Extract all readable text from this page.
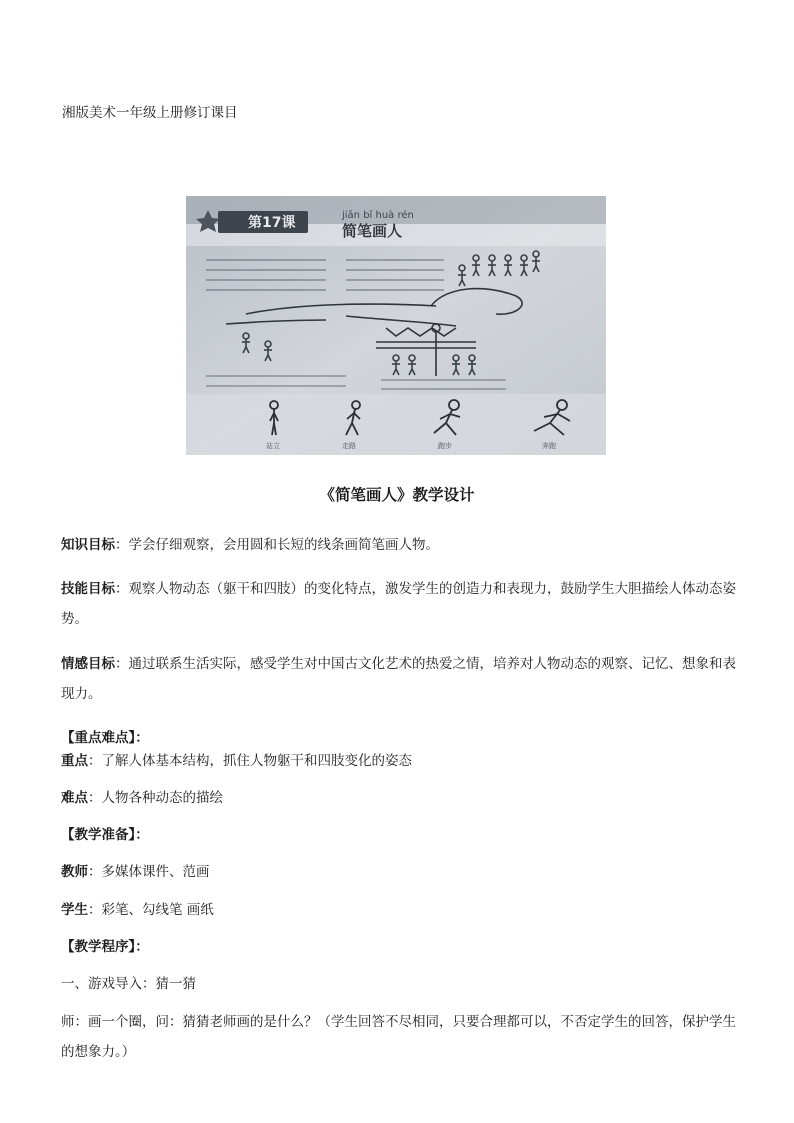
湘版美术一年级上册修订课目
第17课	jiǎn bǐ huà rén
简笔画人
站立	走路	跑步	奔跑
《简笔画人》教学设计
知识目标：学会仔细观察，会用圆和长短的线条画简笔画人物。
技能目标：观察人物动态（躯干和四肢）的变化特点，激发学生的创造力和表现力，鼓励学生大胆描绘人体动态姿势。
情感目标：通过联系生活实际，感受学生对中国古文化艺术的热爱之情，培养对人物动态的观察、记忆、想象和表现力。
【重点难点】：
重点：了解人体基本结构，抓住人物躯干和四肢变化的姿态
难点：人物各种动态的描绘
【教学准备】：
教师：多媒体课件、范画
学生：彩笔、勾线笔 画纸
【教学程序】：
一、游戏导入：猜一猜
师：画一个圈，问：猜猜老师画的是什么？（学生回答不尽相同，只要合理都可以，不否定学生的回答，保护学生的想象力。）
